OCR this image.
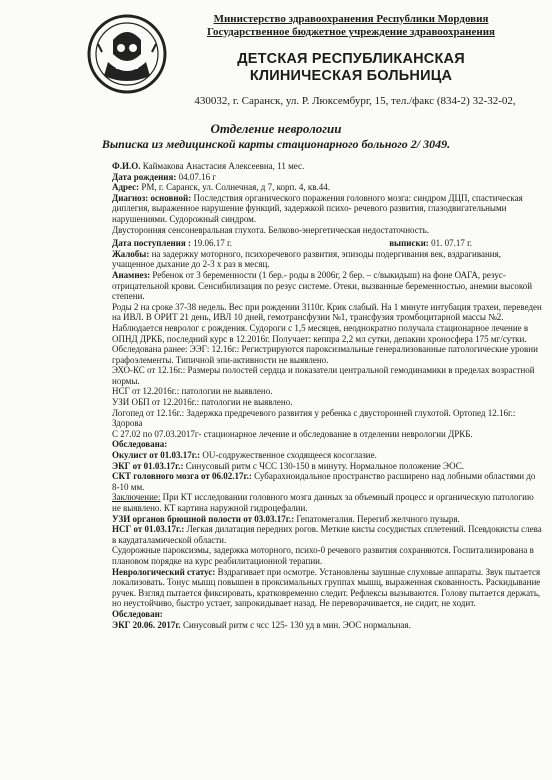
Министерство здравоохранения Республики Мордовия
Государственное бюджетное учреждение здравоохранения
ДЕТСКАЯ РЕСПУБЛИКАНСКАЯ
КЛИНИЧЕСКАЯ БОЛЬНИЦА
430032, г. Саранск, ул. Р. Люксембург, 15, тел./факс (834-2) 32-32-02,
Отделение неврологии
Выписка из медицинской карты стационарного больного 2/ 3049.

Ф.И.О. Каймакова Анастасия Алексеевна, 11 мес.

Дата рождения: 04.07.16 г

Адрес: РМ, г. Саранск, ул. Солнечная, д 7, корп. 4, кв.44.

Диагноз: основной: Последствия органического поражения головного мозга: синдром ДЦП, спастическая диплегия, выраженное нарушение функций, задержкой психо- речевого развития, глазодвигательными нарушениями. Судорожный синдром.

Двусторонняя сенсоневральная глухота. Белково-энергетическая недостаточность.

Дата поступления : 19.06.17 г.	выписки: 01. 07.17 г.

Жалобы: на задержку моторного, психоречевого развития, эпизоды подергивания век, вздрагивания, учащенное дыхание до 2-3 х раз в месяц.

Анамнез: Ребенок от 3 беременности (1 бер.- роды в 2006г, 2 бер. – с/выкидыш) на фоне ОАГА, резус- отрицательной крови. Сенсибилизация по резус системе. Отеки, вызванные беременностью, анемии высокой степени.

Роды 2 на сроке 37-38 недель. Вес при рождении 3110г. Крик слабый. На 1 минуте интубация трахеи, переведен на ИВЛ. В ОРИТ 21 день, ИВЛ 10 дней, гемотрансфузии №1, трансфузия тромбоцитарной массы №2.

Наблюдается невролог с рождения. Судороги с 1,5 месяцев, неоднократно получала стационарное лечение в ОПНД ДРКБ, последний курс в 12.2016г. Получает: кеппра 2,2 мл сутки, депакин хроносфера 175 мг/сутки. Обследована ранее: ЭЭГ: 12.16г.: Регистрируются пароксизмальные генерализованные патологические уровни графоэлементы. Типичной эпи-активности не выявлено.

ЭХО-КС от 12.16г.: Размеры полостей сердца и показатели центральной гемодинамики в пределах возрастной нормы.

НСГ от 12.2016г.: патологии не выявлено.

УЗИ ОБП от 12.2016г.: патологии не выявлено.

Логопед от 12.16г.: Задержка предречевого развития у ребенка с двусторонней глухотой. Ортопед 12.16г.: Здорова

С 27.02 по 07.03.2017г- стационарное лечение и обследование в отделении неврологии ДРКБ.

Обследована:

Окулист от 01.03.17г.: OU-содружественное сходящееся косоглазие.

ЭКГ от 01.03.17г.: Синусовый ритм с ЧСС 130-150 в минуту. Нормальное положение ЭОС.

СКТ головного мозга от 06.02.17г.: Субарахноидальное пространство расширено над лобными областями до 8-10 мм.

Заключение: При КТ исследовании головного мозга данных за объемный процесс и органическую патологию не выявлено. КТ картина наружной гидроцефалии.

УЗИ органов брюшной полости от 03.03.17г.: Гепатомегалия. Перегиб желчного пузыря.

НСГ от 01.03.17г.: Легкая дилатация передних рогов. Меткие кисты сосудистых сплетений. Псевдокисты слева в каудаталамической области.

Судорожные пароксизмы, задержка моторного, психо-0 речевого развития сохраняются. Госпитализирована в плановом порядке на курс реабилитационной терапии.

Неврологический статус: Вздрагивает при осмотре. Установлены заушные слуховые аппараты. Звук пытается локализовать. Тонус мышц повышен в проксимальных группах мышц, выраженная скованность. Раскидывание ручек. Взгляд пытается фиксировать, кратковременно следит. Рефлексы вызываются. Голову пытается держать, но неустойчиво, быстро устает, запрокидывает назад. Не переворачивается, не сидит, не ходит.

Обследован:

ЭКГ 20.06. 2017г. Синусовый ритм с чсс 125- 130 уд в мин. ЭОС нормальная.
